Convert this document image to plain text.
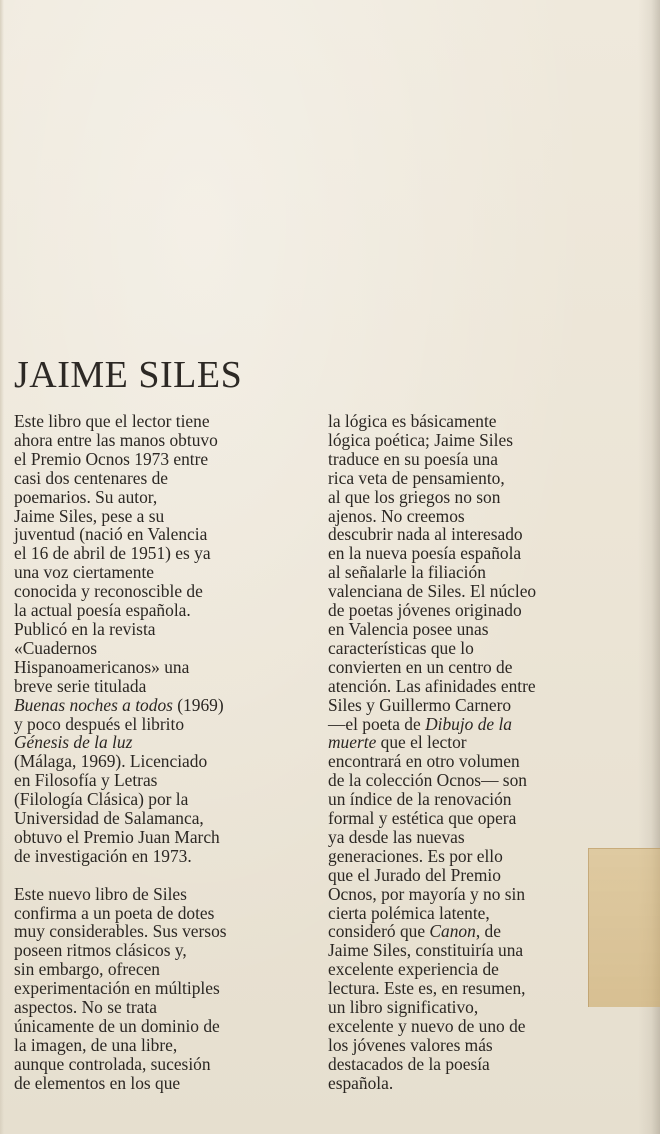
JAIME SILES

Este libro que el lector tiene

ahora entre las manos obtuvo

el Premio Ocnos 1973 entre

casi dos centenares de

poemarios. Su autor,

Jaime Siles, pese a su

juventud (nació en Valencia

el 16 de abril de 1951) es ya

una voz ciertamente

conocida y reconoscible de

la actual poesía española.

Publicó en la revista

«Cuadernos

Hispanoamericanos» una

breve serie titulada

Buenas noches a todos (1969)

y poco después el librito

Génesis de la luz

(Málaga, 1969). Licenciado

en Filosofía y Letras

(Filología Clásica) por la

Universidad de Salamanca,

obtuvo el Premio Juan March

de investigación en 1973.

Este nuevo libro de Siles

confirma a un poeta de dotes

muy considerables. Sus versos

poseen ritmos clásicos y,

sin embargo, ofrecen

experimentación en múltiples

aspectos. No se trata

únicamente de un dominio de

la imagen, de una libre,

aunque controlada, sucesión

de elementos en los que

la lógica es básicamente

lógica poética; Jaime Siles

traduce en su poesía una

rica veta de pensamiento,

al que los griegos no son

ajenos. No creemos

descubrir nada al interesado

en la nueva poesía española

al señalarle la filiación

valenciana de Siles. El núcleo

de poetas jóvenes originado

en Valencia posee unas

características que lo

convierten en un centro de

atención. Las afinidades entre

Siles y Guillermo Carnero

—el poeta de Dibujo de la

muerte que el lector

encontrará en otro volumen

de la colección Ocnos— son

un índice de la renovación

formal y estética que opera

ya desde las nuevas

generaciones. Es por ello

que el Jurado del Premio

Ocnos, por mayoría y no sin

cierta polémica latente,

consideró que Canon, de

Jaime Siles, constituiría una

excelente experiencia de

lectura. Este es, en resumen,

un libro significativo,

excelente y nuevo de uno de

los jóvenes valores más

destacados de la poesía

española.
